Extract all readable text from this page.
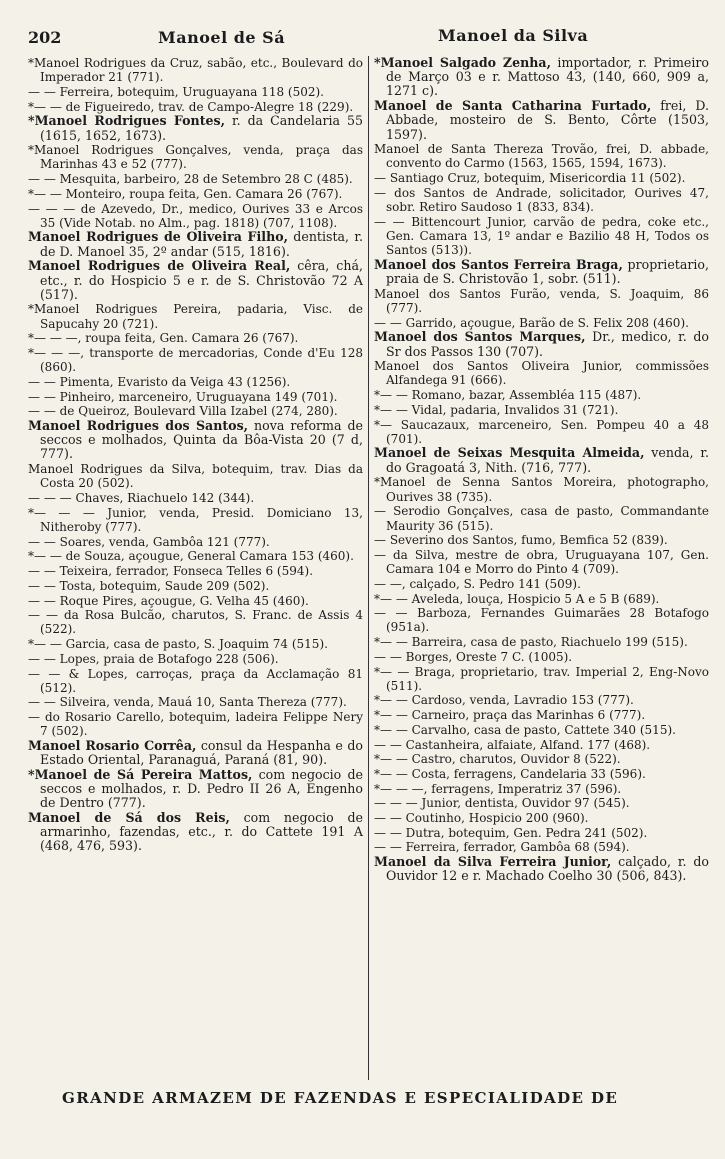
202	Manoel de Sá	Manoel da Silva

*Manoel Rodrigues da Cruz, sabão, etc., Boulevard do Imperador 21 (771).

— — Ferreira, botequim, Uruguayana 118 (502).

*— — de Figueiredo, trav. de Campo-Alegre 18 (229).

*Manoel Rodrigues Fontes, r. da Candelaria 55 (1615, 1652, 1673).

*Manoel Rodrigues Gonçalves, venda, praça das Marinhas 43 e 52 (777).

— — Mesquita, barbeiro, 28 de Setembro 28 C (485).

*— — Monteiro, roupa feita, Gen. Camara 26 (767).

— — — de Azevedo, Dr., medico, Ourives 33 e Arcos 35 (Vide Notab. no Alm., pag. 1818) (707, 1108).

Manoel Rodrigues de Oliveira Filho, dentista, r. de D. Manoel 35, 2º andar (515, 1816).

Manoel Rodrigues de Oliveira Real, cêra, chá, etc., r. do Hospicio 5 e r. de S. Christovão 72 A (517).

*Manoel Rodrigues Pereira, padaria, Visc. de Sapucahy 20 (721).

*— — —, roupa feita, Gen. Camara 26 (767).

*— — —, transporte de mercadorias, Conde d'Eu 128 (860).

— — Pimenta, Evaristo da Veiga 43 (1256).

— — Pinheiro, marceneiro, Uruguayana 149 (701).

— — de Queiroz, Boulevard Villa Izabel (274, 280).

Manoel Rodrigues dos Santos, nova reforma de seccos e molhados, Quinta da Bôa-Vista 20 (7 d, 777).

Manoel Rodrigues da Silva, botequim, trav. Dias da Costa 20 (502).

— — — Chaves, Riachuelo 142 (344).

*— — — Junior, venda, Presid. Domiciano 13, Nitheroby (777).

— — Soares, venda, Gambôa 121 (777).

*— — de Souza, açougue, General Camara 153 (460).

— — Teixeira, ferrador, Fonseca Telles 6 (594).

— — Tosta, botequim, Saude 209 (502).

— — Roque Pires, açougue, G. Velha 45 (460).

— — da Rosa Bulcão, charutos, S. Franc. de Assis 4 (522).

*— — Garcia, casa de pasto, S. Joaquim 74 (515).

— — Lopes, praia de Botafogo 228 (506).

— — & Lopes, carroças, praça da Acclamação 81 (512).

— — Silveira, venda, Mauá 10, Santa Thereza (777).

— do Rosario Carello, botequim, ladeira Felippe Nery 7 (502).

Manoel Rosario Corrêa, consul da Hespanha e do Estado Oriental, Paranaguá, Paraná (81, 90).

*Manoel de Sá Pereira Mattos, com negocio de seccos e molhados, r. D. Pedro II 26 A, Engenho de Dentro (777).

Manoel de Sá dos Reis, com negocio de armarinho, fazendas, etc., r. do Cattete 191 A (468, 476, 593).

*Manoel Salgado Zenha, importador, r. Primeiro de Março 03 e r. Mattoso 43, (140, 660, 909 a, 1271 c).

Manoel de Santa Catharina Furtado, frei, D. Abbade, mosteiro de S. Bento, Côrte (1503, 1597).

Manoel de Santa Thereza Trovão, frei, D. abbade, convento do Carmo (1563, 1565, 1594, 1673).

— Santiago Cruz, botequim, Misericordia 11 (502).

— dos Santos de Andrade, solicitador, Ourives 47, sobr. Retiro Saudoso 1 (833, 834).

— — Bittencourt Junior, carvão de pedra, coke etc., Gen. Camara 13, 1º andar e Bazilio 48 H, Todos os Santos (513)).

Manoel dos Santos Ferreira Braga, proprietario, praia de S. Christovão 1, sobr. (511).

Manoel dos Santos Furão, venda, S. Joaquim, 86 (777).

— — Garrido, açougue, Barão de S. Felix 208 (460).

Manoel dos Santos Marques, Dr., medico, r. do Sr dos Passos 130 (707).

Manoel dos Santos Oliveira Junior, commissões Alfandega 91 (666).

*— — Romano, bazar, Assembléa 115 (487).

*— — Vidal, padaria, Invalidos 31 (721).

*— Saucazaux, marceneiro, Sen. Pompeu 40 a 48 (701).

Manoel de Seixas Mesquita Almeida, venda, r. do Gragoatá 3, Nith. (716, 777).

*Manoel de Senna Santos Moreira, photographo, Ourives 38 (735).

— Serodio Gonçalves, casa de pasto, Commandante Maurity 36 (515).

— Severino dos Santos, fumo, Bemfica 52 (839).

— da Silva, mestre de obra, Uruguayana 107, Gen. Camara 104 e Morro do Pinto 4 (709).

— —, calçado, S. Pedro 141 (509).

*— — Aveleda, louça, Hospicio 5 A e 5 B (689).

— — Barboza, Fernandes Guimarães 28 Botafogo (951a).

*— — Barreira, casa de pasto, Riachuelo 199 (515).

— — Borges, Oreste 7 C. (1005).

*— — Braga, proprietario, trav. Imperial 2, Eng-Novo (511).

*— — Cardoso, venda, Lavradio 153 (777).

*— — Carneiro, praça das Marinhas 6 (777).

*— — Carvalho, casa de pasto, Cattete 340 (515).

— — Castanheira, alfaiate, Alfand. 177 (468).

*— — Castro, charutos, Ouvidor 8 (522).

*— — Costa, ferragens, Candelaria 33 (596).

*— — —, ferragens, Imperatriz 37 (596).

— — — Junior, dentista, Ouvidor 97 (545).

— — Coutinho, Hospicio 200 (960).

— — Dutra, botequim, Gen. Pedra 241 (502).

— — Ferreira, ferrador, Gambôa 68 (594).

Manoel da Silva Ferreira Junior, calçado, r. do Ouvidor 12 e r. Machado Coelho 30 (506, 843).

GRANDE ARMAZEM DE FAZENDAS E ESPECIALIDADE DE
